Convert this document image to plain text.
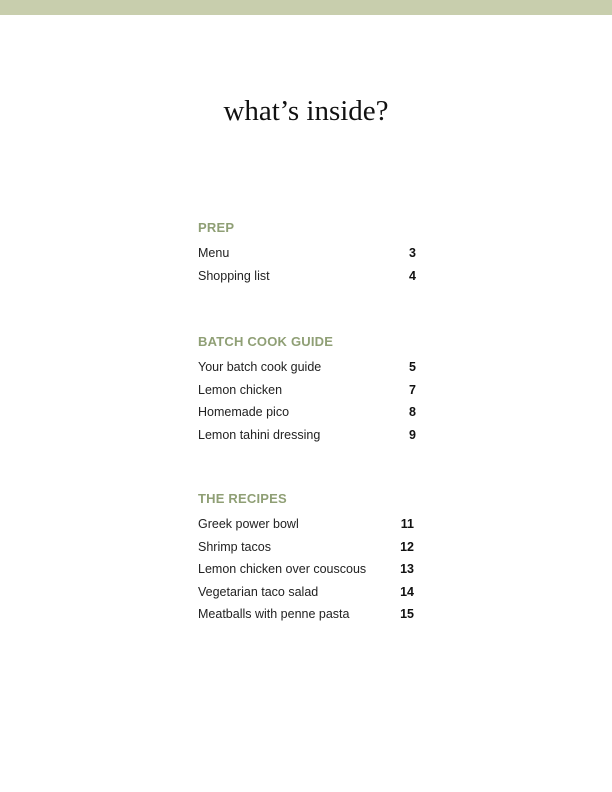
what’s inside?
PREP
Menu	3
Shopping list	4
BATCH COOK GUIDE
Your batch cook guide	5
Lemon chicken	7
Homemade pico	8
Lemon tahini dressing	9
THE RECIPES
Greek power bowl	11
Shrimp tacos	12
Lemon chicken over couscous	13
Vegetarian taco salad	14
Meatballs with penne pasta	15
